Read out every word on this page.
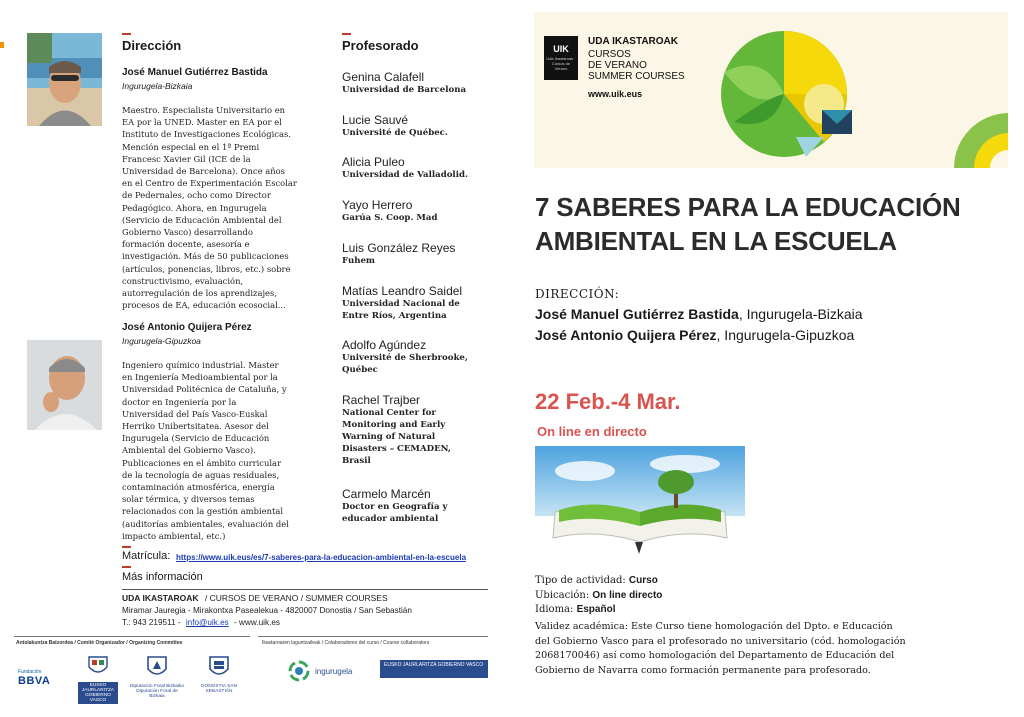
Dirección
José Manuel Gutiérrez Bastida
Ingurugela-Bizkaia
Maestro. Especialista Universitario en EA por la UNED. Master en EA por el Instituto de Investigaciones Ecológicas. Mención especial en el 1ª Premi Francesc Xavier Gil (ICE de la Universidad de Barcelona). Once años en el Centro de Experimentación Escolar de Pedernales, ocho como Director Pedagógico. Ahora, en Ingurugela (Servicio de Educación Ambiental del Gobierno Vasco) desarrollando formación docente, asesoría e investigación. Más de 50 publicaciones (artículos, ponencias, libros, etc.) sobre constructivismo, evaluación, autorregulación de los aprendizajes, procesos de EA, educación ecosocial...
José Antonio Quijera Pérez
Ingurugela-Gipuzkoa
Ingeniero químico industrial. Master en Ingeniería Medioambiental por la Universidad Politécnica de Cataluña, y doctor en Ingeniería por la Universidad del País Vasco-Euskal Herriko Unibertsitatea. Asesor del Ingurugela (Servicio de Educación Ambiental del Gobierno Vasco). Publicaciones en el ámbito curricular de la tecnología de aguas residuales, contaminación atmosférica, energía solar térmica, y diversos temas relacionados con la gestión ambiental (auditorías ambientales, evaluación del impacto ambiental, etc.)
Profesorado
Genina Calafell
Universidad de Barcelona
Lucie Sauvé
Université de Québec.
Alicia Puleo
Universidad de Valladolid.
Yayo Herrero
Garúa S. Coop. Mad
Luis González Reyes
Fuhem
Matías Leandro Saidel
Universidad Nacional de Entre Ríos, Argentina
Adolfo Agúndez
Université de Sherbrooke, Québec
Rachel Trajber
National Center for Monitoring and Early Warning of Natural Disasters – CEMADEN, Brasil
Carmelo Marcén
Doctor en Geografía y educador ambiental
Matrícula: https://www.uik.eus/es/7-saberes-para-la-educacion-ambiental-en-la-escuela
Más información
UDA IKASTAROAK / CURSOS DE VERANO / SUMMER COURSES
Miramar Jauregia - Mirakontxa Pasealekua - 4820007 Donostia / San Sebastián
T.: 943 219511 - info@uik.es - www.uik.es
Antolakuntza Batzordea / Comité Organizador / Organizing Committee	Ikastaroaren laguntzaileak / Colaboradores del curso / Course collaborators
Fundación
BBVA	EUSKO JAURLARITZA GOBIERNO VASCO
Diputación Foral Bizkaiko Diputación Foral de Bizkaia
DONOSTIA SAN SEBASTIÁN
ingurugela
EUSKO JAURLARITZA GOBIERNO VASCO
UIK
Uda Ikastaroak · Cursos de Verano
UDA IKASTAROAK
CURSOS
DE VERANO
SUMMER COURSES
www.uik.eus
7 SABERES PARA LA EDUCACIÓN
AMBIENTAL EN LA ESCUELA
DIRECCIÓN:
José Manuel Gutiérrez Bastida, Ingurugela-Bizkaia
José Antonio Quijera Pérez, Ingurugela-Gipuzkoa
22 Feb.-4 Mar.
On line en directo
Tipo de actividad: Curso
Ubicación: On line directo
Idioma: Español
Validez académica: Este Curso tiene homologación del Dpto. e Educación del Gobierno Vasco para el profesorado no universitario (cód. homologación 2068170046) así como homologación del Departamento de Educación del Gobierno de Navarra como formación permanente para profesorado.
